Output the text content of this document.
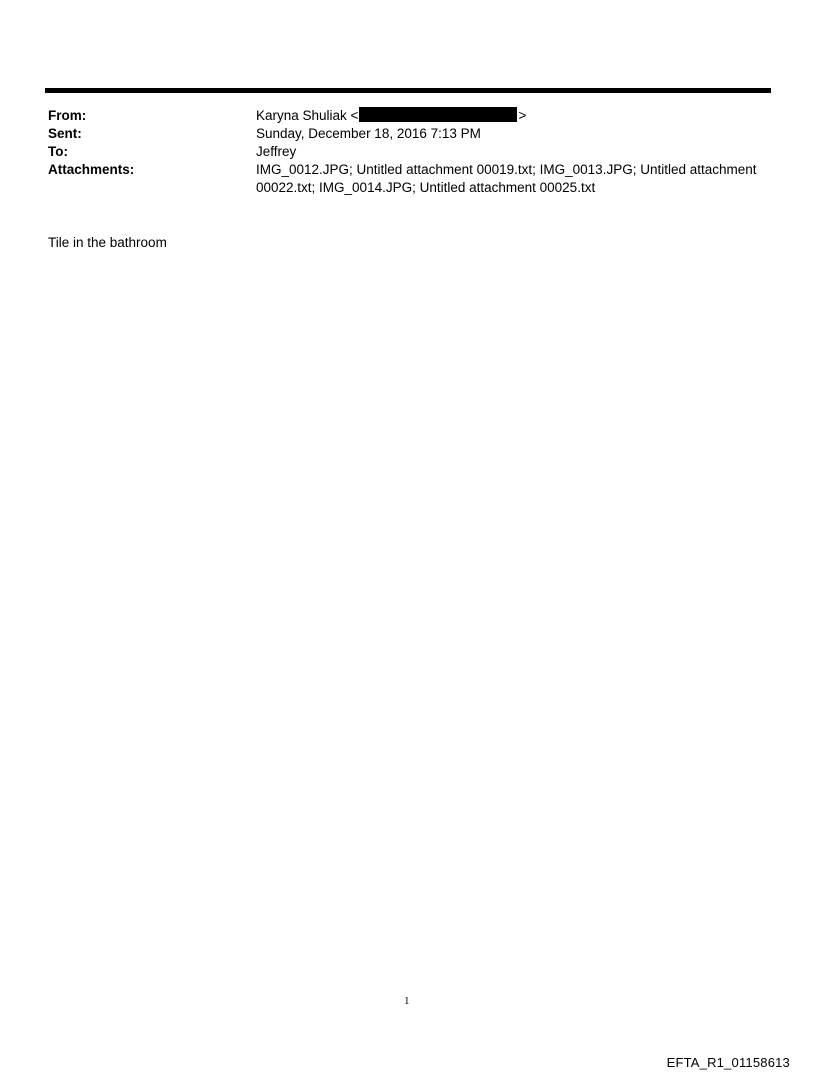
From:	Karyna Shuliak <	>
Sent:	Sunday, December 18, 2016 7:13 PM
To:	Jeffrey
Attachments:	IMG_0012.JPG; Untitled attachment 00019.txt; IMG_0013.JPG; Untitled attachment
00022.txt; IMG_0014.JPG; Untitled attachment 00025.txt
Tile in the bathroom
1
EFTA_R1_01158613
